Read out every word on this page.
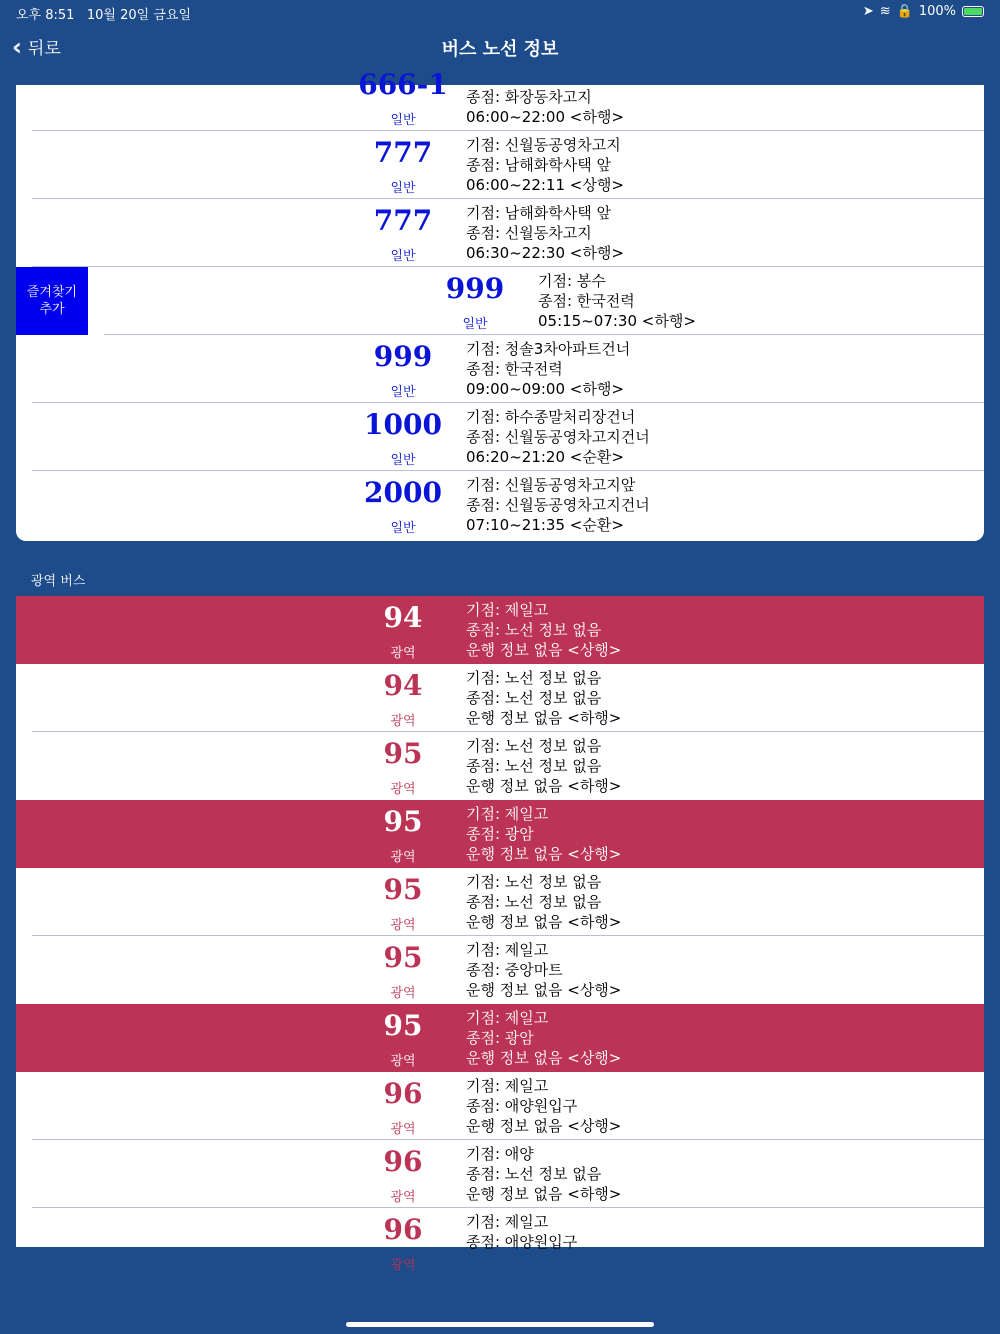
오후 8:51 10월 20일 금요일	➤ ≋ 🔒 100%
‹ 뒤로	버스 노선 정보
666-1
일반
종점: 화장동차고지
06:00~22:00 <하행>
777
일반
기점: 신월동공영차고지
종점: 남해화학사택 앞
06:00~22:11 <상행>
777
일반
기점: 남해화학사택 앞
종점: 신월동차고지
06:30~22:30 <하행>
999
일반
기점: 봉수
종점: 한국전력
05:15~07:30 <하행>
즐겨찾기
추가
999
일반
기점: 청솔3차아파트건너
종점: 한국전력
09:00~09:00 <하행>
1000
일반
기점: 하수종말처리장건너
종점: 신월동공영차고지건너
06:20~21:20 <순환>
2000
일반
기점: 신월동공영차고지앞
종점: 신월동공영차고지건너
07:10~21:35 <순환>
광역 버스
94
광역
기점: 제일고
종점: 노선 정보 없음
운행 정보 없음 <상행>
94
광역
기점: 노선 정보 없음
종점: 노선 정보 없음
운행 정보 없음 <하행>
95
광역
기점: 노선 정보 없음
종점: 노선 정보 없음
운행 정보 없음 <하행>
95
광역
기점: 제일고
종점: 광암
운행 정보 없음 <상행>
95
광역
기점: 노선 정보 없음
종점: 노선 정보 없음
운행 정보 없음 <하행>
95
광역
기점: 제일고
종점: 중앙마트
운행 정보 없음 <상행>
95
광역
기점: 제일고
종점: 광암
운행 정보 없음 <상행>
96
광역
기점: 제일고
종점: 애양원입구
운행 정보 없음 <상행>
96
광역
기점: 애양
종점: 노선 정보 없음
운행 정보 없음 <하행>
96
광역
기점: 제일고
종점: 애양원입구
